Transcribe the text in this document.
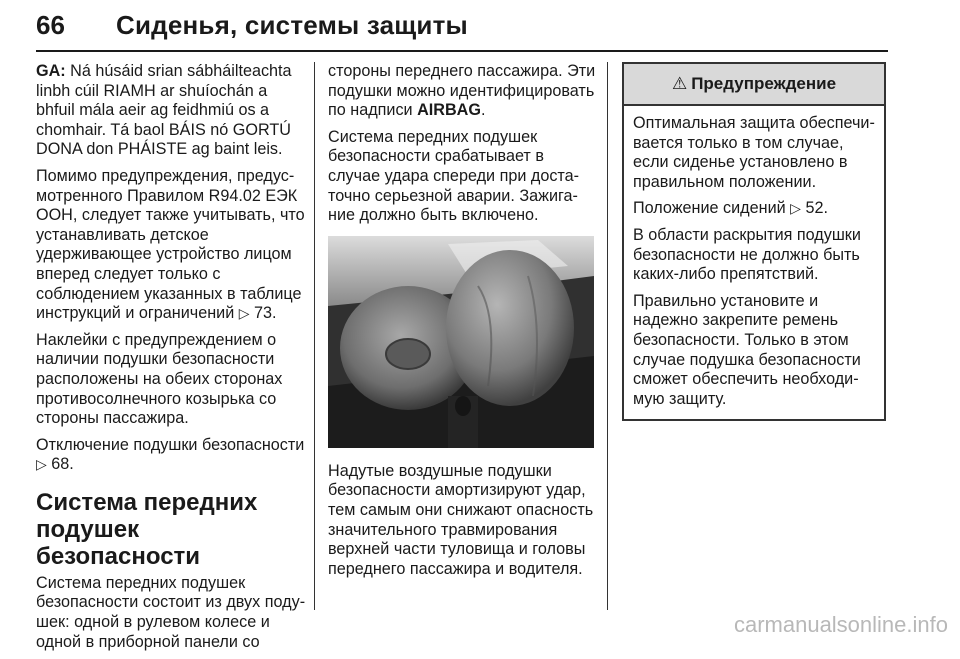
66 Сиденья, системы защиты

GA: Ná húsáid srian sábháilteachta linbh cúil RIAMH ar shuíochán a bhfuil mála aeir ag feidhmiú os a chomhair. Tá baol BÁIS nó GORTÚ DONA don PHÁISTE ag baint leis.

Помимо предупреждения, предусмотренного Правилом R94.02 ЕЭК ООН, следует также учитывать, что устанавливать детское удерживающее устройство лицом вперед следует только с соблюдением указанных в таблице инструкций и ограничений ▷ 73.

Наклейки с предупреждением о наличии подушки безопасности расположены на обеих сторонах противосолнечного козырька со стороны пассажира.

Отключение подушки безопасности ▷ 68.

Система передних подушек безопасности

Система передних подушек безопасности состоит из двух подушек: одной в рулевом колесе и одной в приборной панели со

стороны переднего пассажира. Эти подушки можно идентифицировать по надписи AIRBAG.

Система передних подушек безопасности срабатывает в случае удара спереди при достаточно серьезной аварии. Зажигание должно быть включено.

Надутые воздушные подушки безопасности амортизируют удар, тем самым они снижают опасность значительного травмирования верхней части туловища и головы переднего пассажира и водителя.

⚠ Предупреждение

Оптимальная защита обеспечивается только в том случае, если сиденье установлено в правильном положении.

Положение сидений ▷ 52.

В области раскрытия подушки безопасности не должно быть каких-либо препятствий.

Правильно установите и надежно закрепите ремень безопасности. Только в этом случае подушка безопасности сможет обеспечить необходимую защиту.

carmanualsonline.info
